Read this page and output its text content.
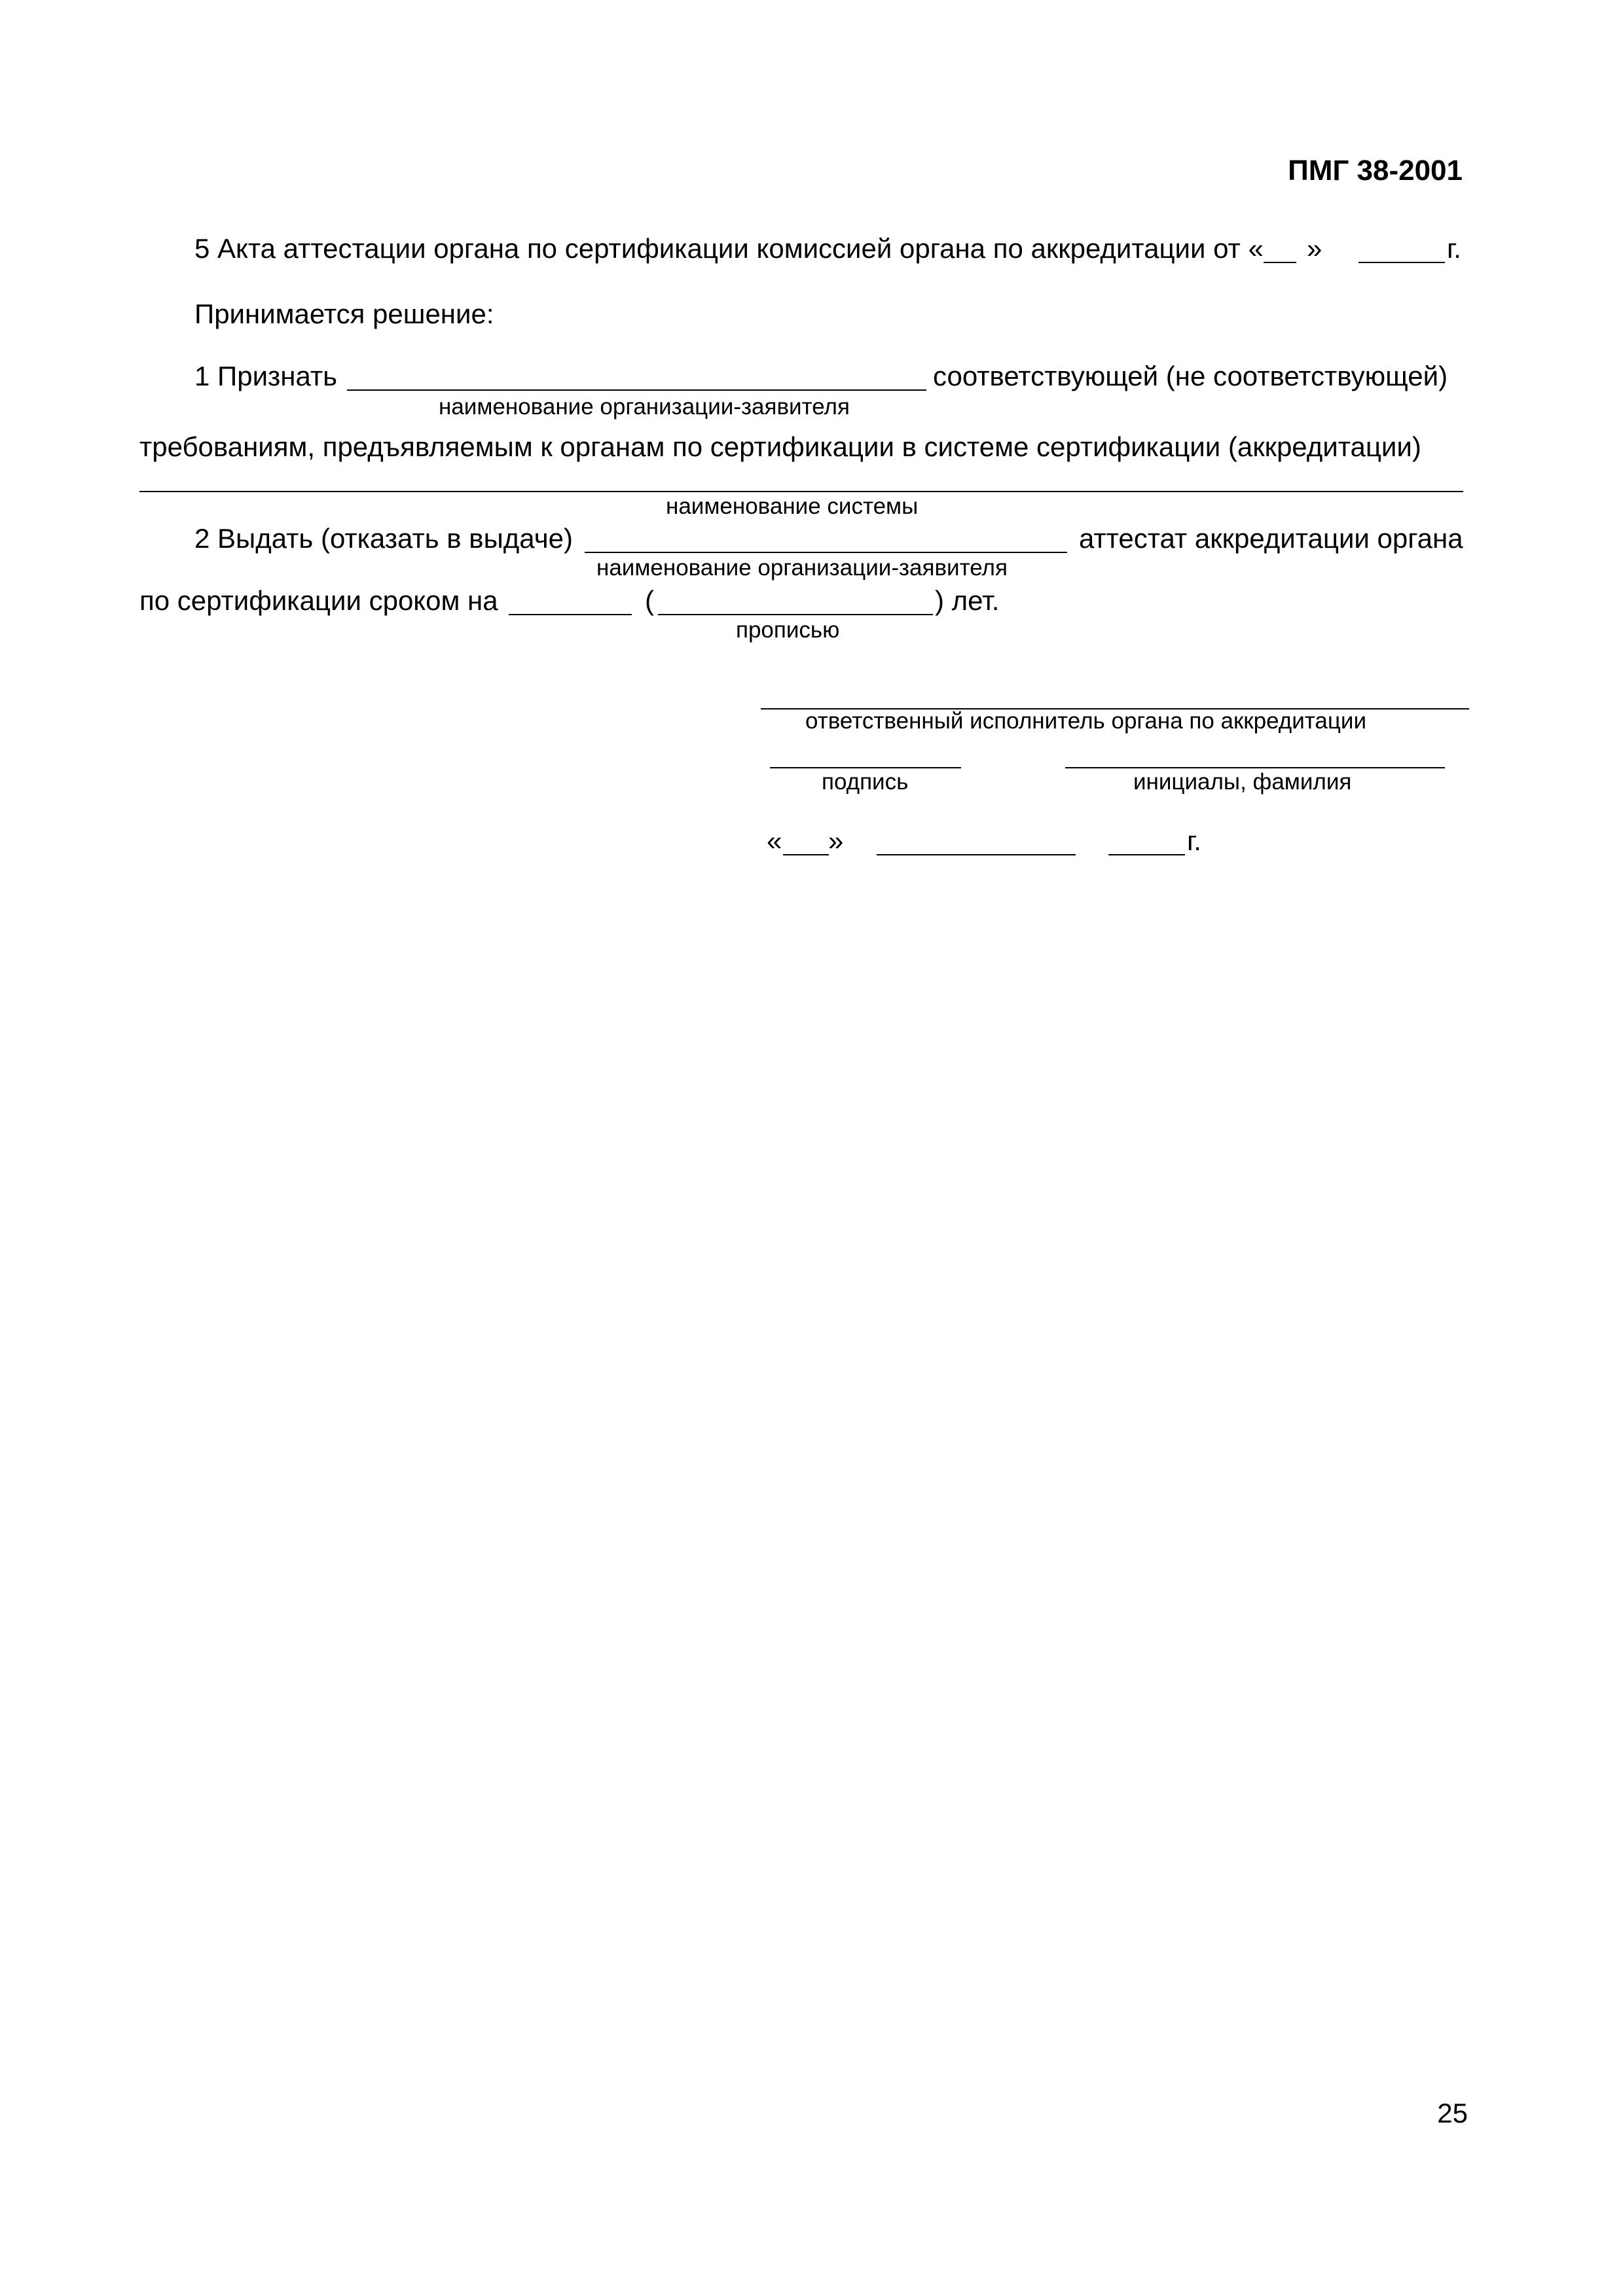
ПМГ 38-2001
5 Акта аттестации органа по сертификации комиссией органа по аккредитации от « »	г.
Принимается решение:
1 Признать	соответствующей (не соответствующей)
наименование организации-заявителя
требованиям, предъявляемым к органам по сертификации в системе сертификации (аккредитации)
наименование системы
2 Выдать (отказать в выдаче)	аттестат аккредитации органа
наименование организации-заявителя
по сертификации сроком на	(	) лет.
прописью
ответственный исполнитель органа по аккредитации
подпись	инициалы, фамилия
« »	г.
25
